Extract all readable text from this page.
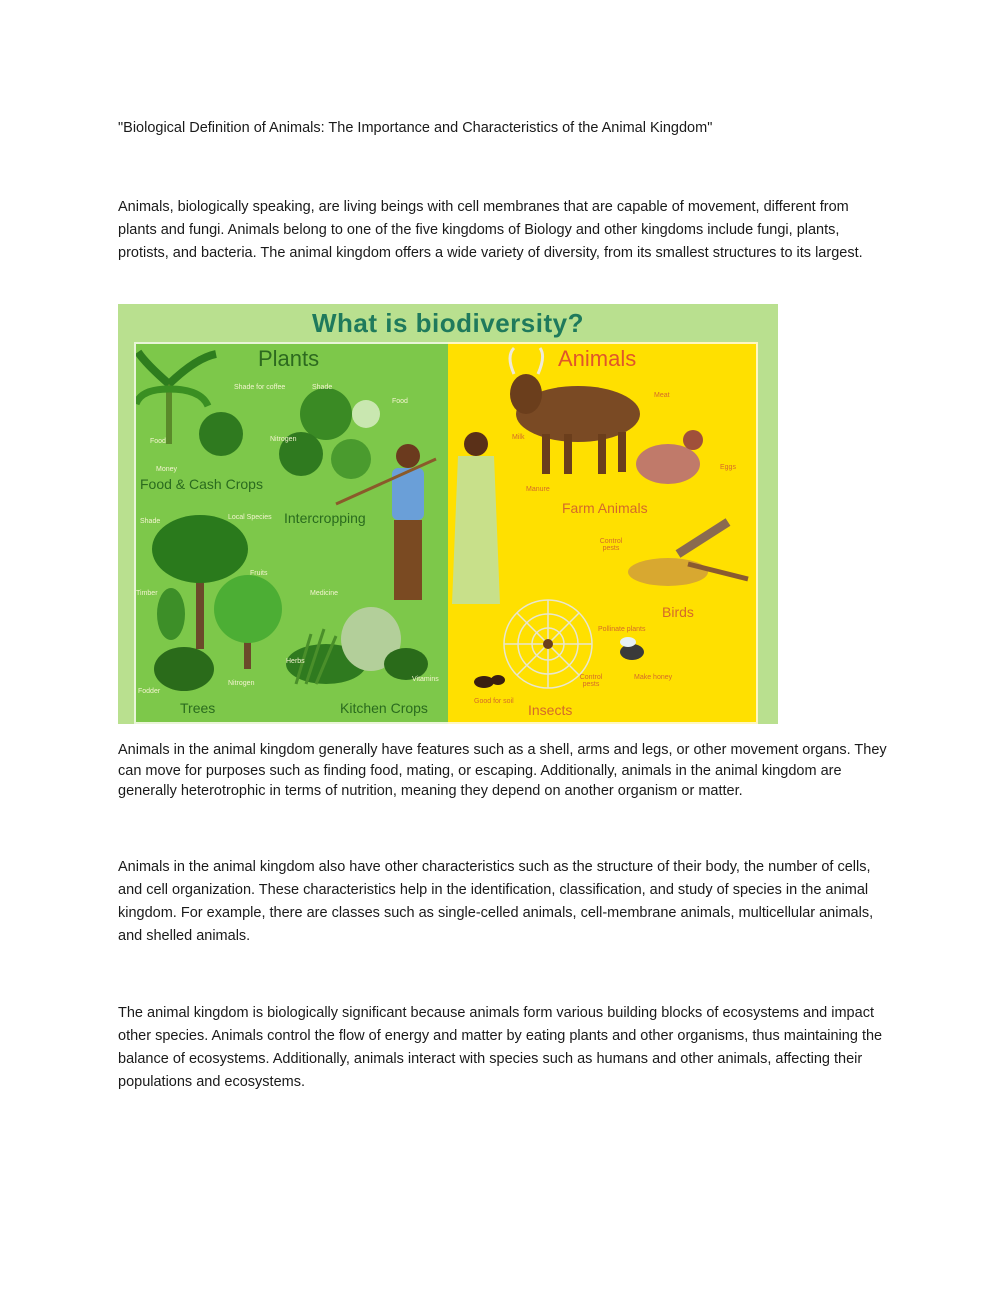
"Biological Definition of Animals: The Importance and Characteristics of the Animal Kingdom"

Animals, biologically speaking, are living beings with cell membranes that are capable of movement, different from plants and fungi. Animals belong to one of the five kingdoms of Biology and other kingdoms include fungi, plants, protists, and bacteria. The animal kingdom offers a wide variety of diversity, from its smallest structures to its largest.

What is biodiversity?
Plants
Food & Cash Crops
Intercropping
Trees	Kitchen Crops
Shade for coffee	Shade
Food
Food	Nitrogen
Money
Shade
Local Species
Fruits
Timber	Medicine
Herbs
Vitamins
Nitrogen
Fodder
Animals
Farm Animals
Birds
Insects
Meat
Milk
Eggs
Manure
Control pests
Pollinate plants
Make honey
Control pests
Good for soil

Animals in the animal kingdom generally have features such as a shell, arms and legs, or other movement organs. They can move for purposes such as finding food, mating, or escaping. Additionally, animals in the animal kingdom are generally heterotrophic in terms of nutrition, meaning they depend on another organism or matter.

Animals in the animal kingdom also have other characteristics such as the structure of their body, the number of cells, and cell organization. These characteristics help in the identification, classification, and study of species in the animal kingdom. For example, there are classes such as single-celled animals, cell-membrane animals, multicellular animals, and shelled animals.

The animal kingdom is biologically significant because animals form various building blocks of ecosystems and impact other species. Animals control the flow of energy and matter by eating plants and other organisms, thus maintaining the balance of ecosystems. Additionally, animals interact with species such as humans and other animals, affecting their populations and ecosystems.
